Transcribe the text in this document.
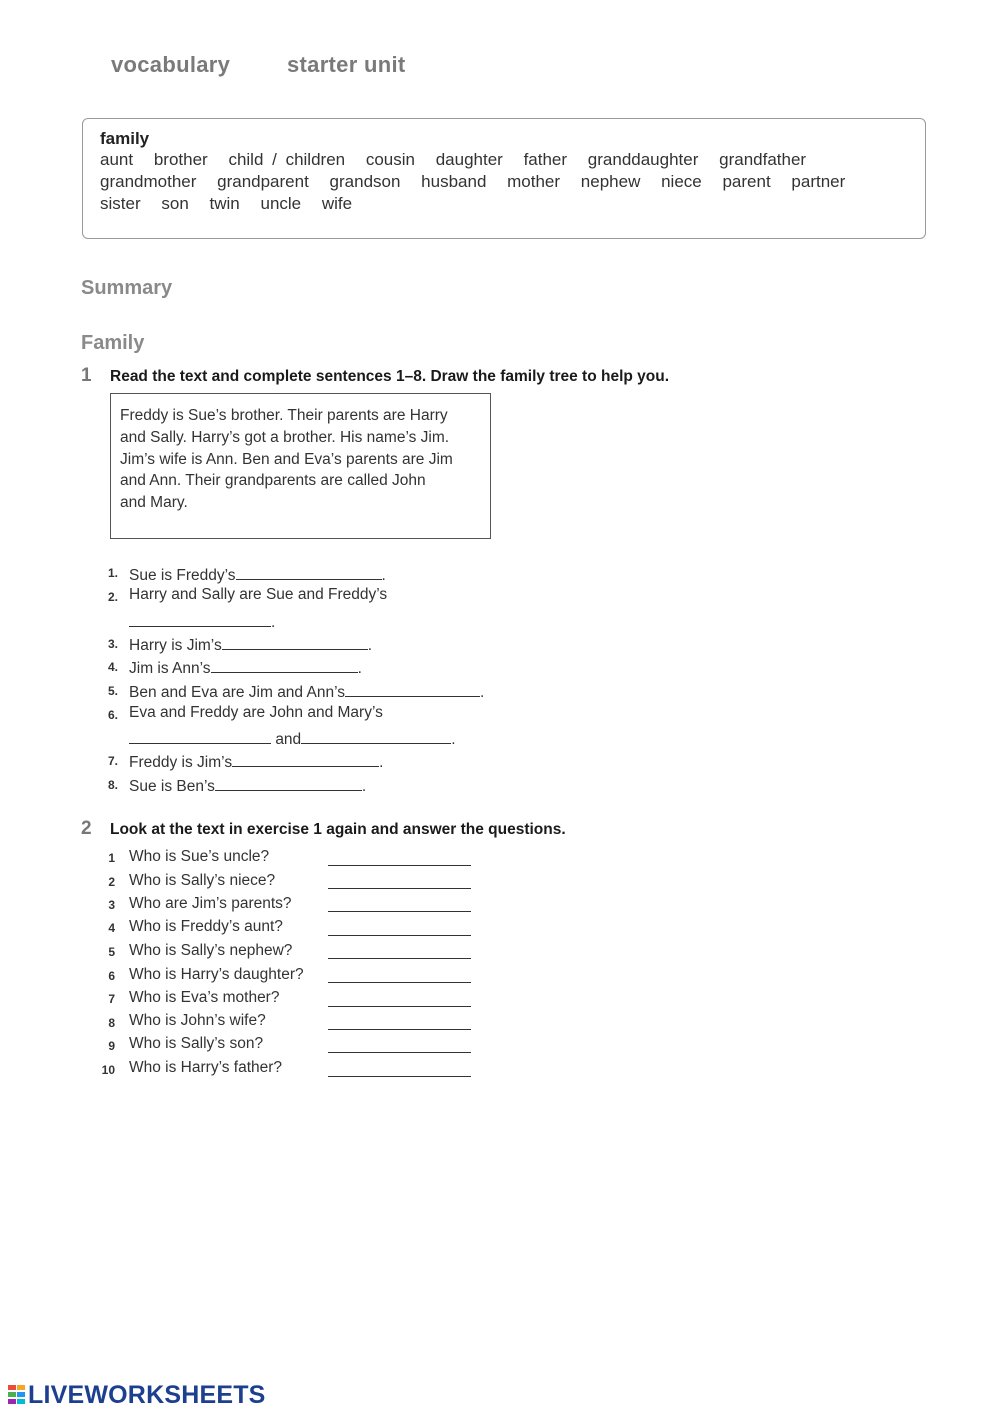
vocabulary	starter unit
family
aunt brother child / children cousin daughter father granddaughter grandfather
grandmother grandparent grandson husband mother nephew niece parent partner
sister son twin uncle wife
Summary
Family
1 Read the text and complete sentences 1–8. Draw the family tree to help you.
Freddy is Sue’s brother. Their parents are Harry
and Sally. Harry’s got a brother. His name’s Jim.
Jim’s wife is Ann. Ben and Eva’s parents are Jim
and Ann. Their grandparents are called John
and Mary.
1. Sue is Freddy’s	.
2. Harry and Sally are Sue and Freddy’s
.
3. Harry is Jim’s	.
4. Jim is Ann’s	.
5. Ben and Eva are Jim and Ann’s	.
6. Eva and Freddy are John and Mary’s
and	.
7. Freddy is Jim’s	.
8. Sue is Ben’s	.
2 Look at the text in exercise 1 again and answer the questions.
1 Who is Sue’s uncle?
2 Who is Sally’s niece?
3 Who are Jim’s parents?
4 Who is Freddy’s aunt?
5 Who is Sally’s nephew?
6 Who is Harry’s daughter?
7 Who is Eva’s mother?
8 Who is John’s wife?
9 Who is Sally’s son?
10 Who is Harry’s father?
LIVEWORKSHEETS
